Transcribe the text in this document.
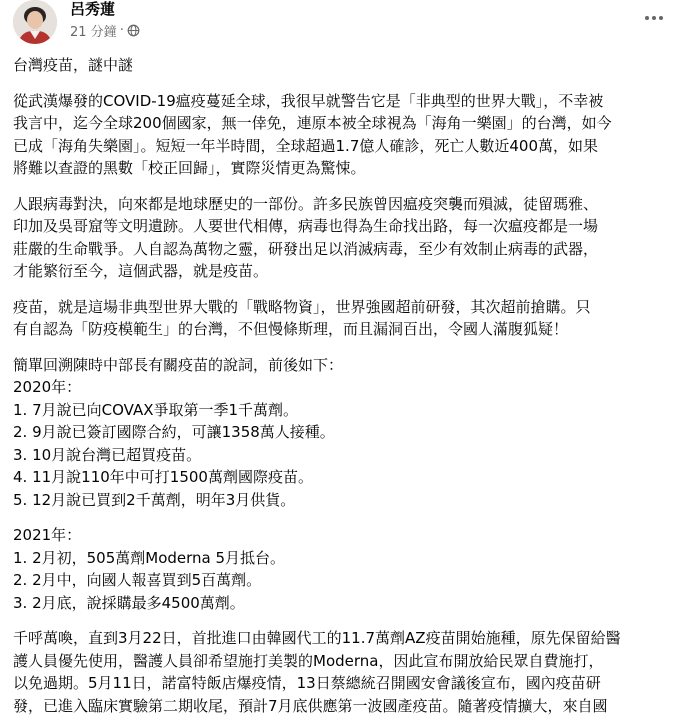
呂秀蓮
21 分鐘 ·

台灣疫苗，謎中謎

從武漢爆發的COVID-19瘟疫蔓延全球，我很早就警告它是「非典型的世界大戰」，不幸被

我言中，迄今全球200個國家，無一倖免，連原本被全球視為「海角一樂園」的台灣，如今

已成「海角失樂園」。短短一年半時間，全球超過1.7億人確診，死亡人數近400萬，如果

將難以查證的黑數「校正回歸」，實際災情更為驚悚。

人跟病毒對決，向來都是地球歷史的一部份。許多民族曾因瘟疫突襲而殞滅，徒留瑪雅、

印加及吳哥窟等文明遺跡。人要世代相傳，病毒也得為生命找出路，每一次瘟疫都是一場

莊嚴的生命戰爭。人自認為萬物之靈，研發出足以消滅病毒，至少有效制止病毒的武器，

才能繁衍至今，這個武器，就是疫苗。

疫苗，就是這場非典型世界大戰的「戰略物資」，世界強國超前研發，其次超前搶購。只

有自認為「防疫模範生」的台灣，不但慢條斯理，而且漏洞百出，令國人滿腹狐疑！

簡單回溯陳時中部長有關疫苗的說詞，前後如下：

2020年：

1. 7月說已向COVAX爭取第一季1千萬劑。

2. 9月說已簽訂國際合約，可讓1358萬人接種。

3. 10月說台灣已超買疫苗。

4. 11月說110年中可打1500萬劑國際疫苗。

5. 12月說已買到2千萬劑，明年3月供貨。

2021年：

1. 2月初，505萬劑Moderna 5月抵台。

2. 2月中，向國人報喜買到5百萬劑。

3. 2月底，說採購最多4500萬劑。

千呼萬喚，直到3月22日，首批進口由韓國代工的11.7萬劑AZ疫苗開始施種，原先保留給醫

護人員優先使用，醫護人員卻希望施打美製的Moderna，因此宣布開放給民眾自費施打，

以免過期。5月11日，諾富特飯店爆疫情，13日蔡總統召開國安會議後宣布，國內疫苗研

發，已進入臨床實驗第二期收尾，預計7月底供應第一波國產疫苗。隨著疫情擴大，來自國
